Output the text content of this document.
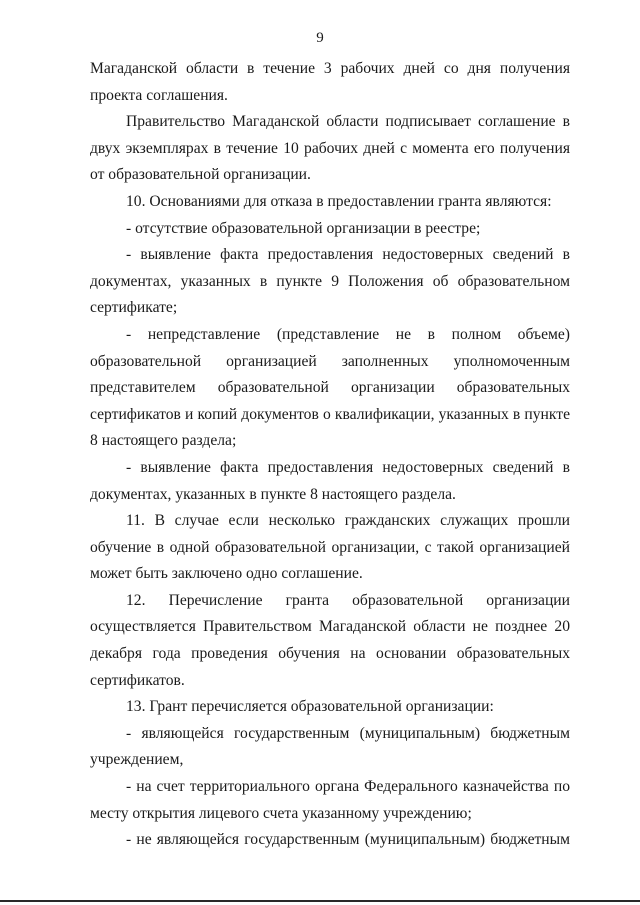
9

Магаданской области в течение 3 рабочих дней со дня получения проекта соглашения.

Правительство Магаданской области подписывает соглашение в двух экземплярах в течение 10 рабочих дней с момента его получения от образовательной организации.

10. Основаниями для отказа в предоставлении гранта являются:

- отсутствие образовательной организации в реестре;

- выявление факта предоставления недостоверных сведений в документах, указанных в пункте 9 Положения об образовательном сертификате;

- непредставление (представление не в полном объеме) образовательной организацией заполненных уполномоченным представителем образовательной организации образовательных сертификатов и копий документов о квалификации, указанных в пункте 8 настоящего раздела;

- выявление факта предоставления недостоверных сведений в документах, указанных в пункте 8 настоящего раздела.

11. В случае если несколько гражданских служащих прошли обучение в одной образовательной организации, с такой организацией может быть заключено одно соглашение.

12. Перечисление гранта образовательной организации осуществляется Правительством Магаданской области не позднее 20 декабря года проведения обучения на основании образовательных сертификатов.

13. Грант перечисляется образовательной организации:

- являющейся государственным (муниципальным) бюджетным учреждением,

- на счет территориального органа Федерального казначейства по месту открытия лицевого счета указанному учреждению;

- не являющейся государственным (муниципальным) бюджетным
